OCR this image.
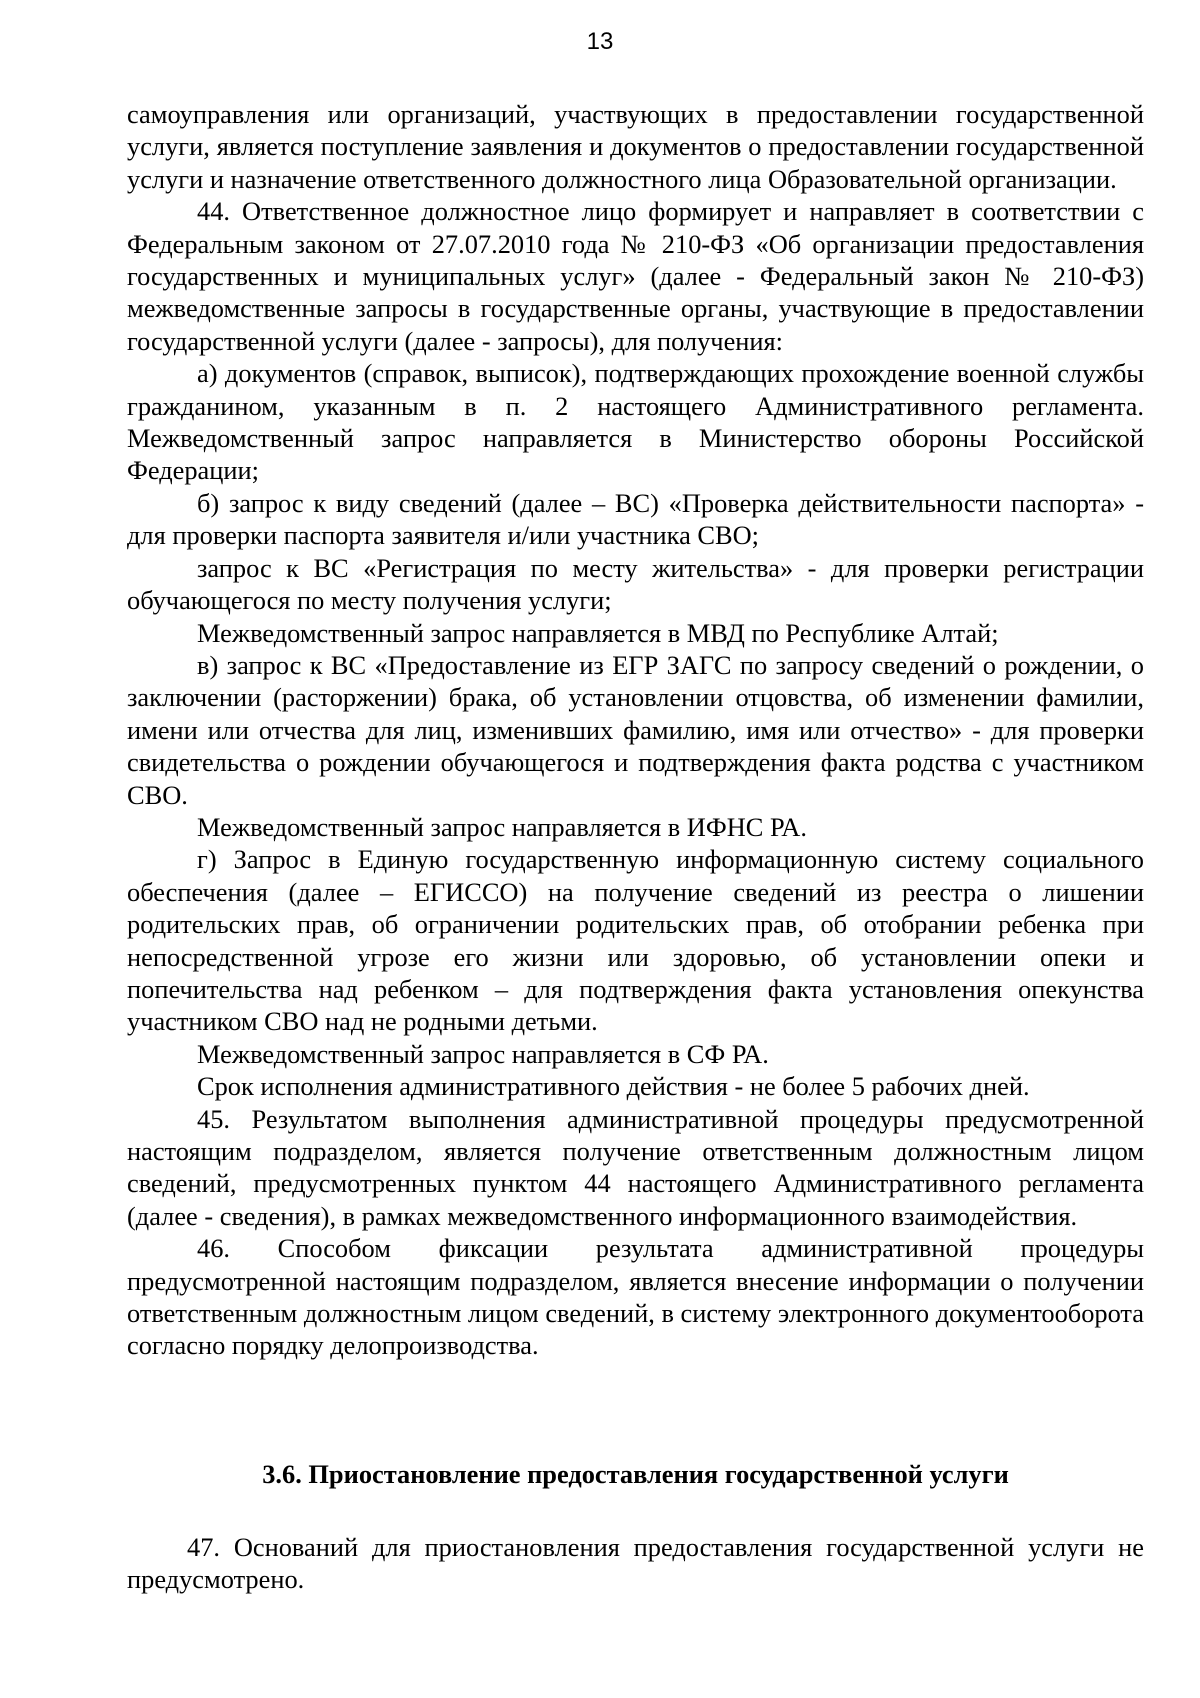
13

самоуправления или организаций, участвующих в предоставлении государственной услуги, является поступление заявления и документов о предоставлении государственной услуги и назначение ответственного должностного лица Образовательной организации.

44. Ответственное должностное лицо формирует и направляет в соответствии с Федеральным законом от 27.07.2010 года № 210-ФЗ «Об организации предоставления государственных и муниципальных услуг» (далее - Федеральный закон № 210-ФЗ) межведомственные запросы в государственные органы, участвующие в предоставлении государственной услуги (далее - запросы), для получения:

а) документов (справок, выписок), подтверждающих прохождение военной службы гражданином, указанным в п. 2 настоящего Административного регламента. Межведомственный запрос направляется в Министерство обороны Российской Федерации;

б) запрос к виду сведений (далее – ВС) «Проверка действительности паспорта» - для проверки паспорта заявителя и/или участника СВО;

запрос к ВС «Регистрация по месту жительства» - для проверки регистрации обучающегося по месту получения услуги;

Межведомственный запрос направляется в МВД по Республике Алтай;

в) запрос к ВС «Предоставление из ЕГР ЗАГС по запросу сведений о рождении, о заключении (расторжении) брака, об установлении отцовства, об изменении фамилии, имени или отчества для лиц, изменивших фамилию, имя или отчество» - для проверки свидетельства о рождении обучающегося и подтверждения факта родства с участником СВО.

Межведомственный запрос направляется в ИФНС РА.

г) Запрос в Единую государственную информационную систему социального обеспечения (далее – ЕГИССО) на получение сведений из реестра о лишении родительских прав, об ограничении родительских прав, об отобрании ребенка при непосредственной угрозе его жизни или здоровью, об установлении опеки и попечительства над ребенком – для подтверждения факта установления опекунства участником СВО над не родными детьми.

Межведомственный запрос направляется в СФ РА.

Срок исполнения административного действия - не более 5 рабочих дней.

45. Результатом выполнения административной процедуры предусмотренной настоящим подразделом, является получение ответственным должностным лицом сведений, предусмотренных пунктом 44 настоящего Административного регламента (далее - сведения), в рамках межведомственного информационного взаимодействия.

46. Способом фиксации результата административной процедуры предусмотренной настоящим подразделом, является внесение информации о получении ответственным должностным лицом сведений, в систему электронного документооборота согласно порядку делопроизводства.

3.6. Приостановление предоставления государственной услуги

47. Оснований для приостановления предоставления государственной услуги не предусмотрено.
